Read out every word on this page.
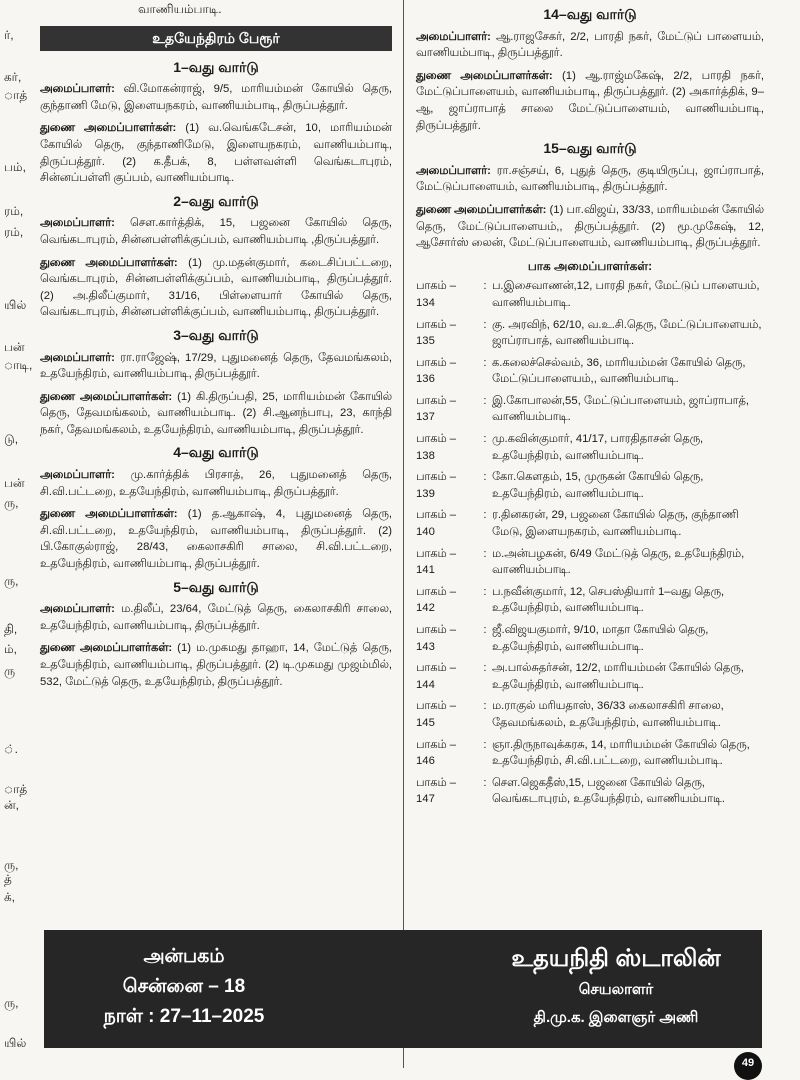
ர்,
கர்,
ாத்
பம்,
ரம்,
ரம்,
யில்
பன்
ாடி,
டு,
பன்
ரு,
ரு,
தி,
ம்,
ரு
்.
ாத்
ன்,
ரு,
த்
க்,
ரு,
யில்
வாணியம்பாடி.
உதயேந்திரம் பேரூர்
1–வது வார்டு

அமைப்பாளர்: வி.மோகன்ராஜ், 9/5, மாரியம்மன் கோயில் தெரு, குந்தாணி மேடு, இளையநகரம், வாணியம்பாடி, திருப்பத்தூர்.

துணை அமைப்பாளர்கள்: (1) வ.வெங்கடேசன், 10, மாரியம்மன் கோயில் தெரு, குந்தாணிமேடு, இளையநகரம், வாணியம்பாடி, திருப்பத்தூர். (2) க.தீபக், 8, பள்ளவள்ளி வெங்கடாபுரம், சின்னப்பள்ளி குப்பம், வாணியம்பாடி.

2–வது வார்டு

அமைப்பாளர்: சௌ.கார்த்திக், 15, பஜனை கோயில் தெரு, வெங்கடாபுரம், சின்னபள்ளிக்குப்பம், வாணியம்பாடி ,திருப்பத்தூர்.

துணை அமைப்பாளர்கள்: (1) மு.மதன்குமார், கடைசிப்பட்டறை, வெங்கடாபுரம், சின்னபள்ளிக்குப்பம், வாணியம்பாடி, திருப்பத்தூர். (2) அ.திலீப்குமார், 31/16, பிள்ளையார் கோயில் தெரு, வெங்கடாபுரம், சின்னபள்ளிக்குப்பம், வாணியம்பாடி, திருப்பத்தூர்.

3–வது வார்டு

அமைப்பாளர்: ரா.ராஜேஷ், 17/29, புதுமனைத் தெரு, தேவமங்கலம், உதயேந்திரம், வாணியம்பாடி, திருப்பத்தூர்.

துணை அமைப்பாளர்கள்: (1) கி.திருப்பதி, 25, மாரியம்மன் கோயில் தெரு, தேவமங்கலம், வாணியம்பாடி. (2) சி.ஆனந்பாபு, 23, காந்தி நகர், தேவமங்கலம், உதயேந்திரம், வாணியம்பாடி, திருப்பத்தூர்.

4–வது வார்டு

அமைப்பாளர்: மு.கார்த்திக் பிரசாத், 26, புதுமனைத் தெரு, சி.வி.பட்டறை, உதயேந்திரம், வாணியம்பாடி, திருப்பத்தூர்.

துணை அமைப்பாளர்கள்: (1) த.ஆகாஷ், 4, புதுமனைத் தெரு, சி.வி.பட்டறை, உதயேந்திரம், வாணியம்பாடி, திருப்பத்தூர். (2) பி.கோகுல்ராஜ், 28/43, கைலாசகிரி சாலை, சி.வி.பட்டறை, உதயேந்திரம், வாணியம்பாடி, திருப்பத்தூர்.

5–வது வார்டு

அமைப்பாளர்: ம.திலீப், 23/64, மேட்டுத் தெரு, கைலாசகிரி சாலை, உதயேந்திரம், வாணியம்பாடி, திருப்பத்தூர்.

துணை அமைப்பாளர்கள்: (1) ம.முகமது தாஹா, 14, மேட்டுத் தெரு, உதயேந்திரம், வாணியம்பாடி, திருப்பத்தூர். (2) டி.முகமது முஜம்மில், 532, மேட்டுத் தெரு, உதயேந்திரம், திருப்பத்தூர்.

14–வது வார்டு

அமைப்பாளர்: ஆ.ராஜசேகர், 2/2, பாரதி நகர், மேட்டுப் பாளையம், வாணியம்பாடி, திருப்பத்தூர்.

துணை அமைப்பாளர்கள்: (1) ஆ.ராஜ்மகேஷ், 2/2, பாரதி நகர், மேட்டுப்பாளையம், வாணியம்பாடி, திருப்பத்தூர். (2) அகார்த்திக், 9–ஆ, ஜாப்ராபாத் சாலை மேட்டுப்பாளையம், வாணியம்பாடி, திருப்பத்தூர்.

15–வது வார்டு

அமைப்பாளர்: ரா.சஞ்சய், 6, புதுத் தெரு, குடியிருப்பு, ஜாப்ராபாத், மேட்டுப்பாளையம், வாணியம்பாடி, திருப்பத்தூர்.

துணை அமைப்பாளர்கள்: (1) பா.விஜய், 33/33, மாரியம்மன் கோயில் தெரு, மேட்டுப்பாளையம்,, திருப்பத்தூர். (2) மூ.முகேஷ், 12, ஆசோர்ஸ் லைன், மேட்டுப்பாளையம், வாணியம்பாடி, திருப்பத்தூர்.

பாக அமைப்பாளர்கள்:
பாகம் – 134
: ப.இசைவாணன்,12, பாரதி நகர், மேட்டுப் பாளையம், வாணியம்பாடி.
பாகம் – 135
: கு. அரவிந், 62/10, வ.உ.சி.தெரு, மேட்டுப்பாளையம், ஜாப்ராபாத், வாணியம்பாடி.
பாகம் – 136
: க.கலைச்செல்வம், 36, மாரியம்மன் கோயில் தெரு, மேட்டுப்பாளையம்,, வாணியம்பாடி.
பாகம் – 137
: இ.கோபாலன்,55, மேட்டுப்பாளையம், ஜாப்ராபாத், வாணியம்பாடி.
பாகம் – 138
: மு.கவின்குமார், 41/17, பாரதிதாசன் தெரு, உதயேந்திரம், வாணியம்பாடி.
பாகம் – 139
: கோ.கௌதம், 15, முருகன் கோயில் தெரு, உதயேந்திரம், வாணியம்பாடி.
பாகம் – 140
: ர.தினகரன், 29, பஜனை கோயில் தெரு, குந்தாணி மேடு, இளையநகரம், வாணியம்பாடி.
பாகம் – 141
: ம.அன்பழகன், 6/49 மேட்டுத் தெரு, உதயேந்திரம், வாணியம்பாடி.
பாகம் – 142
: ப.நவீன்குமார், 12, செபஸ்தியார் 1–வது தெரு, உதயேந்திரம், வாணியம்பாடி.
பாகம் – 143
: ஜீ.விஜயகுமார், 9/10, மாதா கோயில் தெரு, உதயேந்திரம், வாணியம்பாடி.
பாகம் – 144
: அ.பால்சுதர்சன், 12/2, மாரியம்மன் கோயில் தெரு, உதயேந்திரம், வாணியம்பாடி.
பாகம் – 145
: ம.ராகுல் மரியதாஸ், 36/33 கைலாசகிரி சாலை, தேவமங்கலம், உதயேந்திரம், வாணியம்பாடி.
பாகம் – 146
: ஞா.திருநாவுக்கரசு, 14, மாரியம்மன் கோயில் தெரு, உதயேந்திரம், சி.வி.பட்டறை, வாணியம்பாடி.
பாகம் – 147
: சௌ.ஜெகதீஸ்,15, பஜனை கோயில் தெரு, வெங்கடாபுரம், உதயேந்திரம், வாணியம்பாடி.
அன்பகம்
சென்னை – 18
நாள் : 27–11–2025
உதயநிதி ஸ்டாலின்
செயலாளர்
தி.மு.க. இளைஞர் அணி
49
